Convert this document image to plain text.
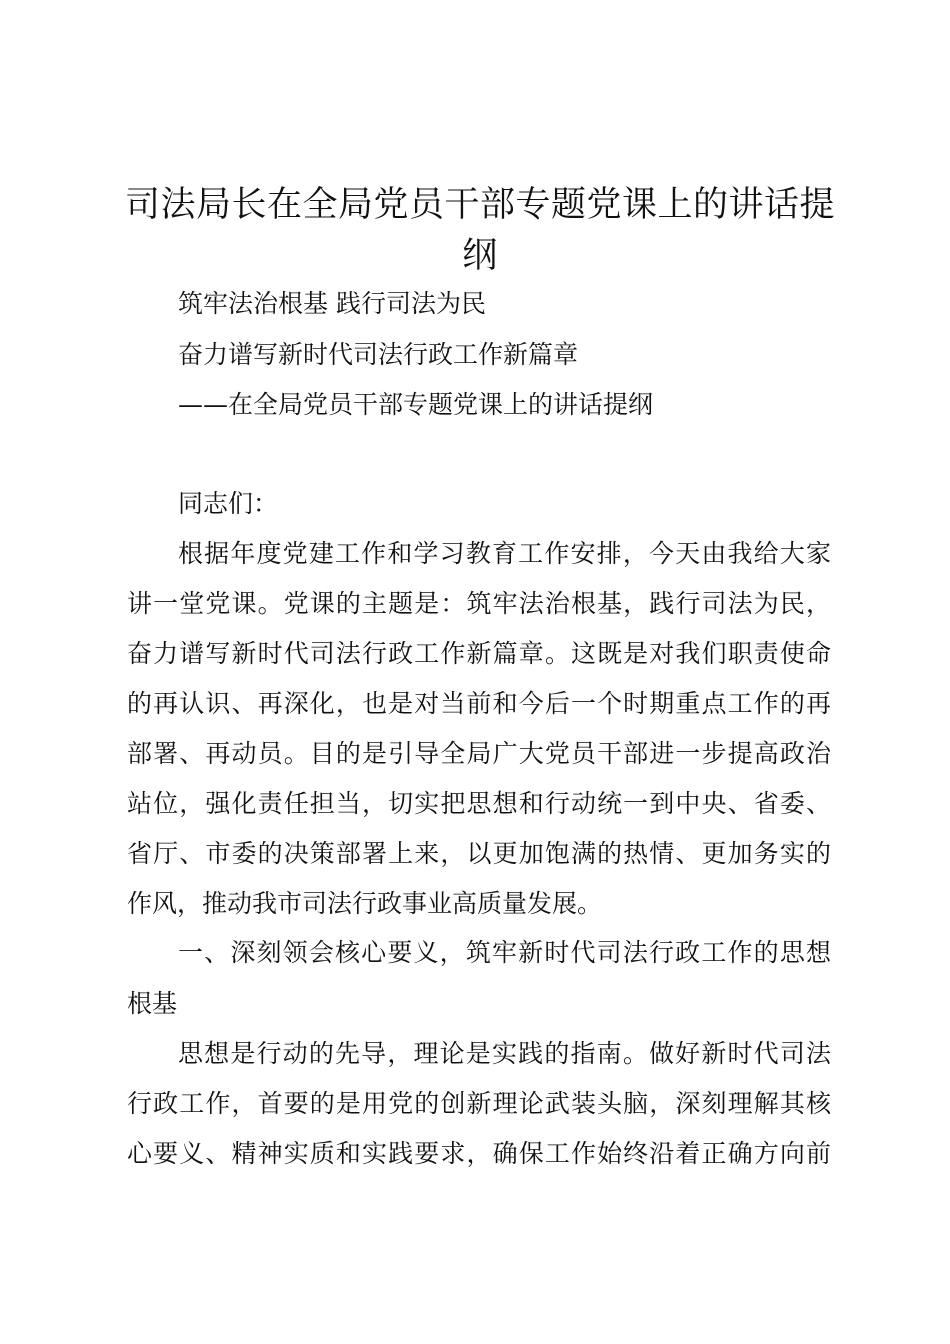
司法局长在全局党员干部专题党课上的讲话提
纲
筑牢法治根基 践行司法为民
奋力谱写新时代司法行政工作新篇章
——在全局党员干部专题党课上的讲话提纲
同志们：
根据年度党建工作和学习教育工作安排，今天由我给大家
讲一堂党课。党课的主题是：筑牢法治根基，践行司法为民，
奋力谱写新时代司法行政工作新篇章。这既是对我们职责使命
的再认识、再深化，也是对当前和今后一个时期重点工作的再
部署、再动员。目的是引导全局广大党员干部进一步提高政治
站位，强化责任担当，切实把思想和行动统一到中央、省委、
省厅、市委的决策部署上来，以更加饱满的热情、更加务实的
作风，推动我市司法行政事业高质量发展。
一、深刻领会核心要义，筑牢新时代司法行政工作的思想
根基
思想是行动的先导，理论是实践的指南。做好新时代司法
行政工作，首要的是用党的创新理论武装头脑，深刻理解其核
心要义、精神实质和实践要求，确保工作始终沿着正确方向前
